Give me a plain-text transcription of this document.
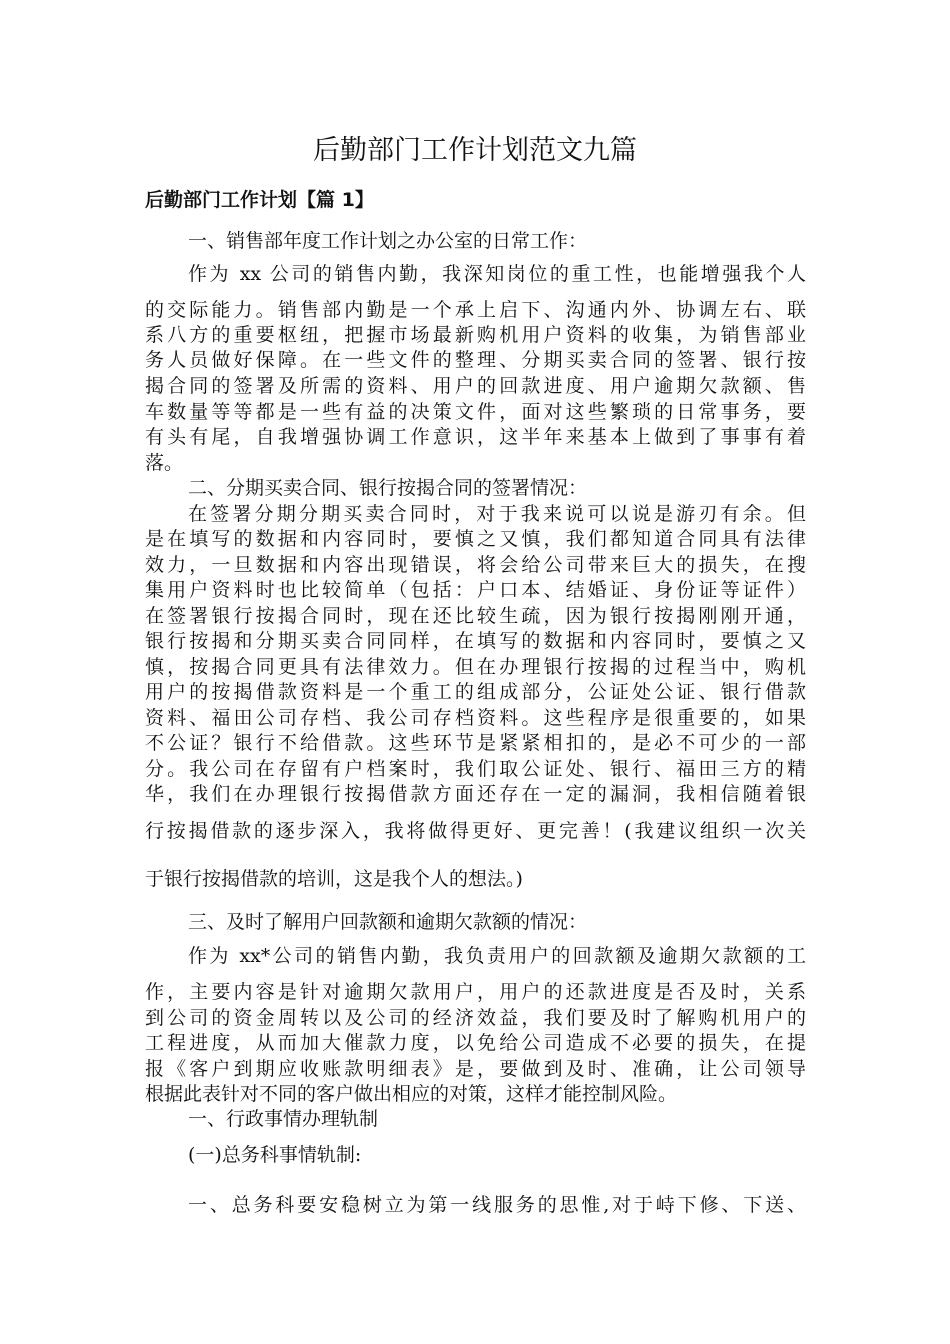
后勤部门工作计划范文九篇
后勤部门工作计划【篇 1】
一、销售部年度工作计划之办公室的日常工作：
作为 xx 公司的销售内勤，我深知岗位的重工性，也能增强我个人
的交际能力。销售部内勤是一个承上启下、沟通内外、协调左右、联
系八方的重要枢纽，把握市场最新购机用户资料的收集，为销售部业
务人员做好保障。在一些文件的整理、分期买卖合同的签署、银行按
揭合同的签署及所需的资料、用户的回款进度、用户逾期欠款额、售
车数量等等都是一些有益的决策文件，面对这些繁琐的日常事务，要
有头有尾，自我增强协调工作意识，这半年来基本上做到了事事有着
落。
二、分期买卖合同、银行按揭合同的签署情况：
在签署分期分期买卖合同时，对于我来说可以说是游刃有余。但
是在填写的数据和内容同时，要慎之又慎，我们都知道合同具有法律
效力，一旦数据和内容出现错误，将会给公司带来巨大的损失，在搜
集用户资料时也比较简单（包括：户口本、结婚证、身份证等证件）
在签署银行按揭合同时，现在还比较生疏，因为银行按揭刚刚开通，
银行按揭和分期买卖合同同样，在填写的数据和内容同时，要慎之又
慎，按揭合同更具有法律效力。但在办理银行按揭的过程当中，购机
用户的按揭借款资料是一个重工的组成部分，公证处公证、银行借款
资料、福田公司存档、我公司存档资料。这些程序是很重要的，如果
不公证？银行不给借款。这些环节是紧紧相扣的，是必不可少的一部
分。我公司在存留有户档案时，我们取公证处、银行、福田三方的精
华，我们在办理银行按揭借款方面还存在一定的漏洞，我相信随着银
行按揭借款的逐步深入，我将做得更好、更完善！(我建议组织一次关
于银行按揭借款的培训，这是我个人的想法。)
三、及时了解用户回款额和逾期欠款额的情况：
作为 xx*公司的销售内勤，我负责用户的回款额及逾期欠款额的工
作，主要内容是针对逾期欠款用户，用户的还款进度是否及时，关系
到公司的资金周转以及公司的经济效益，我们要及时了解购机用户的
工程进度，从而加大催款力度，以免给公司造成不必要的损失，在提
报《客户到期应收账款明细表》是，要做到及时、准确，让公司领导
根据此表针对不同的客户做出相应的对策，这样才能控制风险。
一、行政事情办理轨制
(一)总务科事情轨制:
一、总务科要安稳树立为第一线服务的思惟,对于峙下修、下送、
